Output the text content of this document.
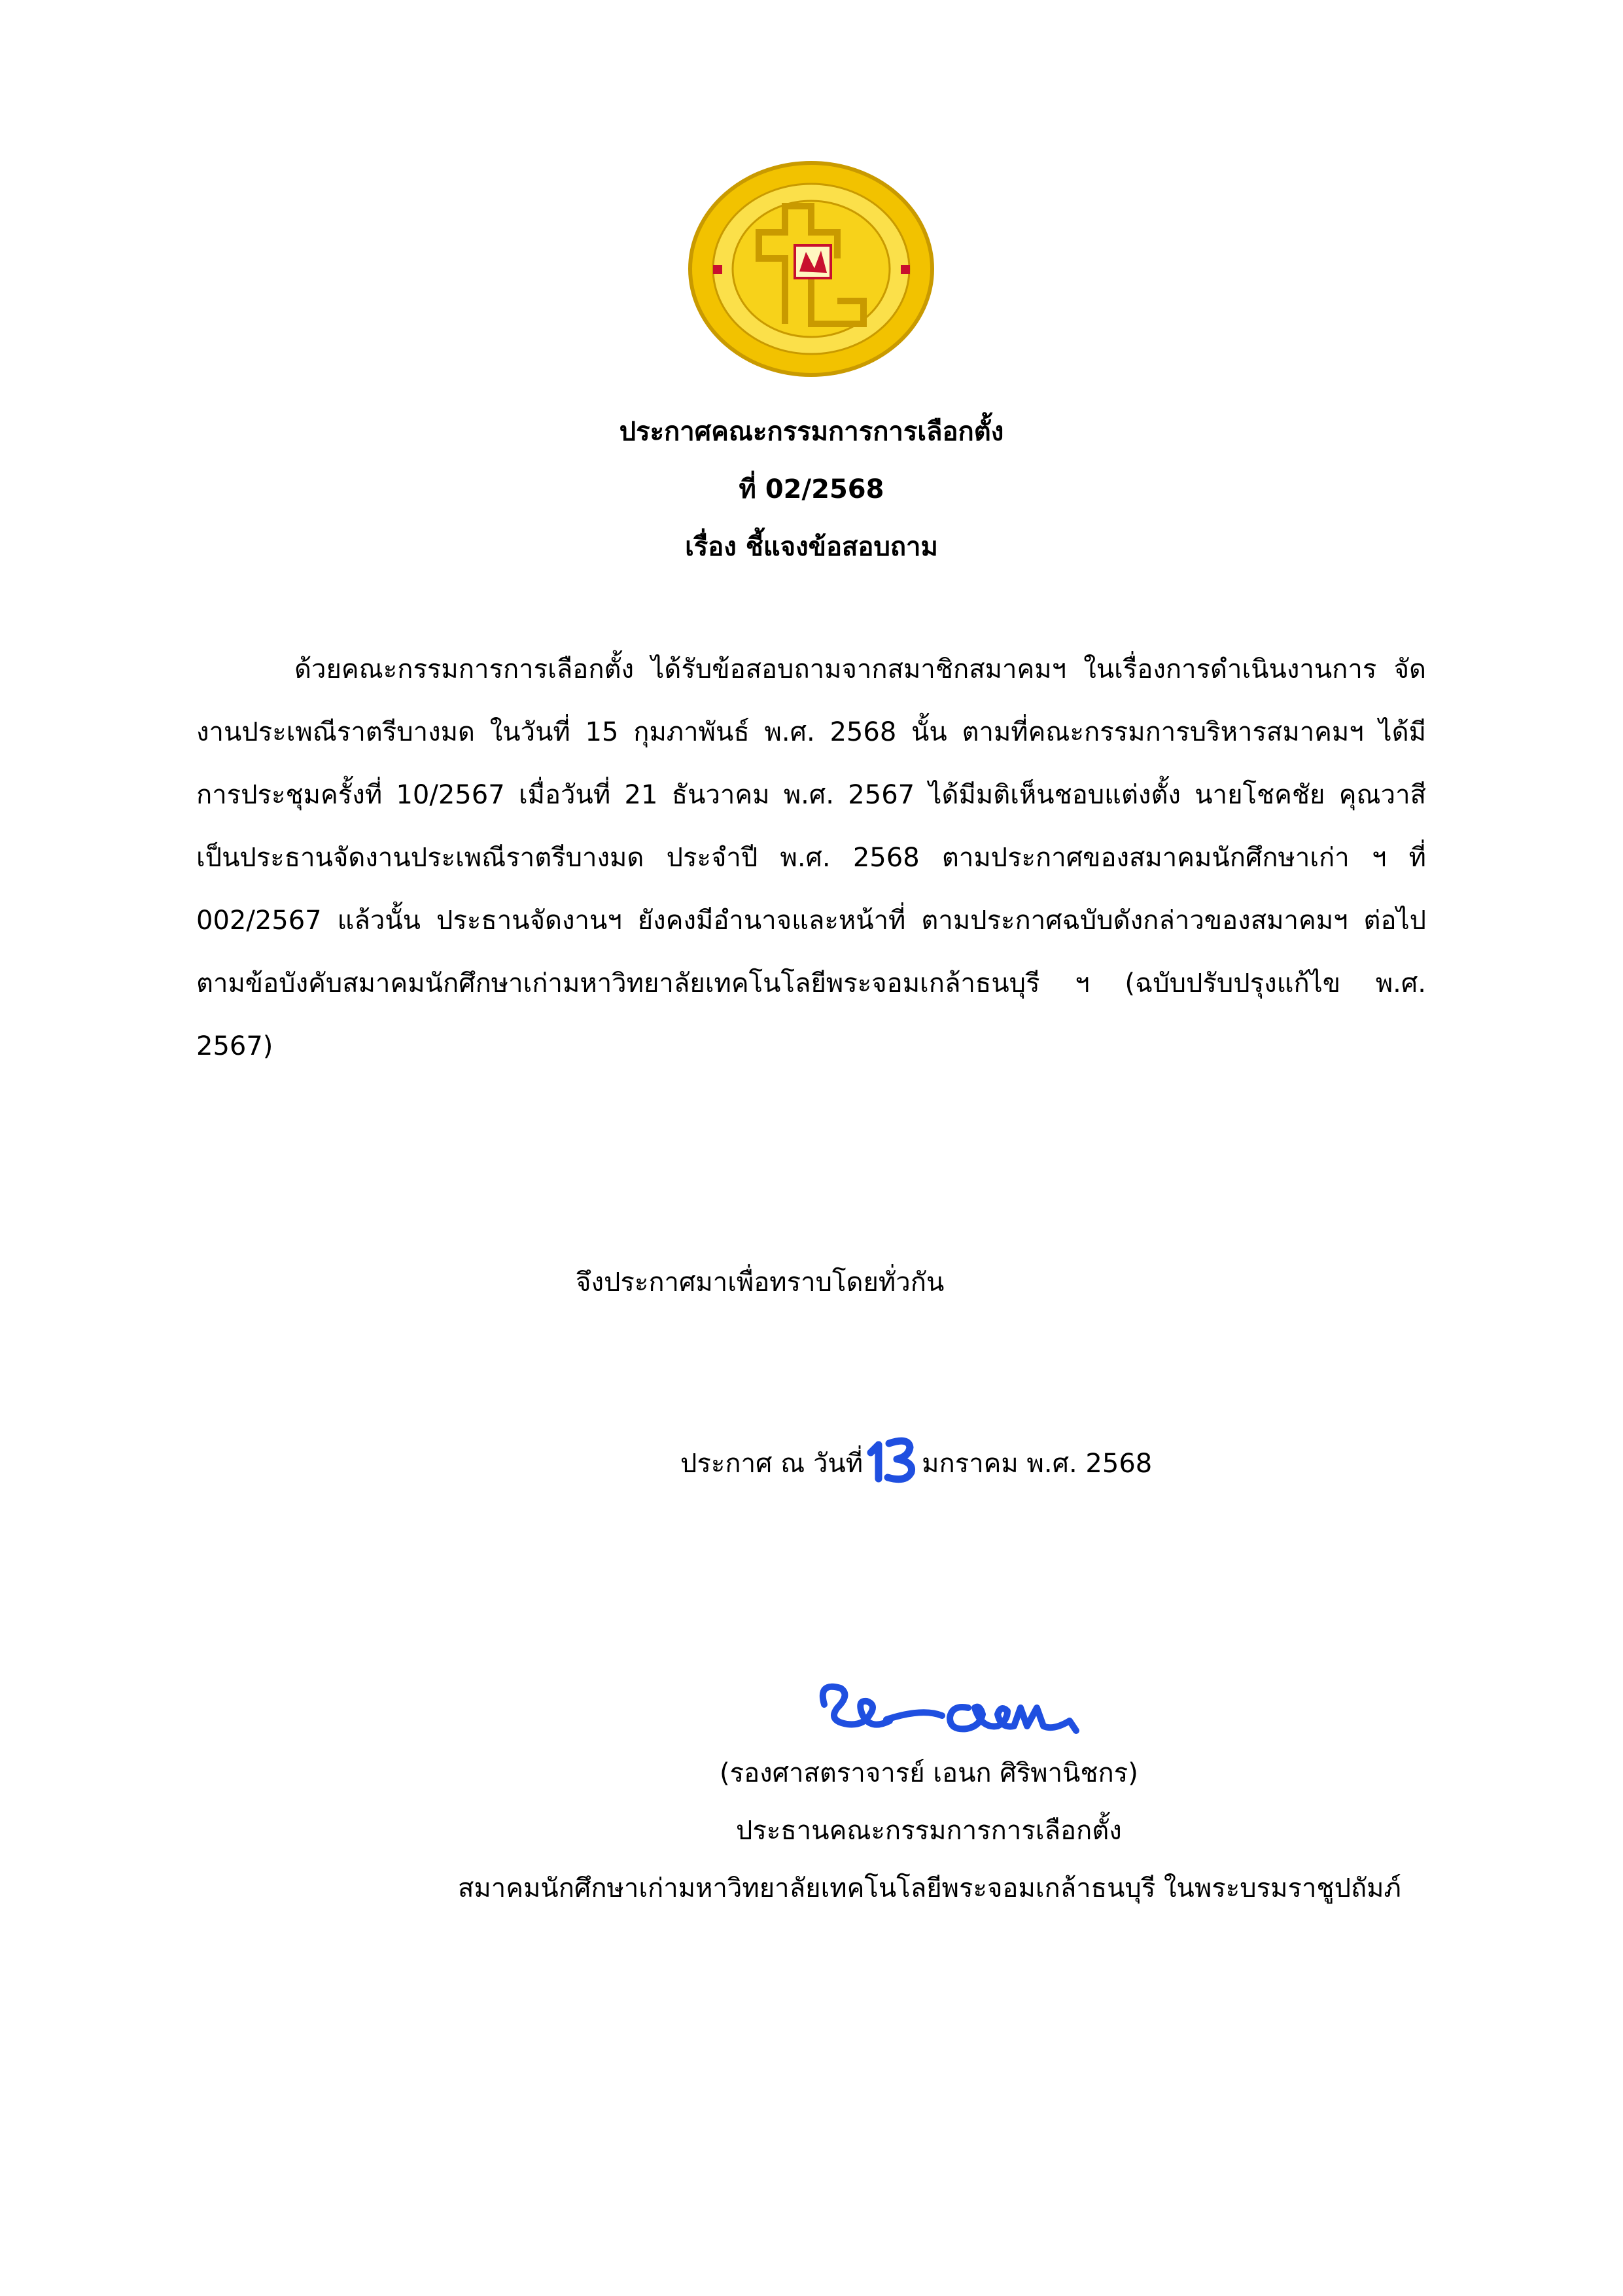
ประกาศคณะกรรมการการเลือกตั้ง
ที่ 02/2568
เรื่อง ชี้แจงข้อสอบถาม
ด้วยคณะกรรมการการเลือกตั้ง ได้รับข้อสอบถามจากสมาชิกสมาคมฯ ในเรื่องการดำเนินงานการ จัด
งานประเพณีราตรีบางมด ในวันที่ 15 กุมภาพันธ์ พ.ศ. 2568 นั้น ตามที่คณะกรรมการบริหารสมาคมฯ ได้มี
การประชุมครั้งที่ 10/2567 เมื่อวันที่ 21 ธันวาคม พ.ศ. 2567 ได้มีมติเห็นชอบแต่งตั้ง นายโชคชัย คุณวาสี
เป็นประธานจัดงานประเพณีราตรีบางมด ประจำปี พ.ศ. 2568 ตามประกาศของสมาคมนักศึกษาเก่า ฯ ที่
002/2567 แล้วนั้น ประธานจัดงานฯ ยังคงมีอำนาจและหน้าที่ ตามประกาศฉบับดังกล่าวของสมาคมฯ ต่อไป
ตามข้อบังคับสมาคมนักศึกษาเก่ามหาวิทยาลัยเทคโนโลยีพระจอมเกล้าธนบุรี ฯ (ฉบับปรับปรุงแก้ไข พ.ศ.
2567)
จึงประกาศมาเพื่อทราบโดยทั่วกัน
ประกาศ ณ วันที่ มกราคม พ.ศ. 2568
(รองศาสตราจารย์ เอนก ศิริพานิชกร)
ประธานคณะกรรมการการเลือกตั้ง
สมาคมนักศึกษาเก่ามหาวิทยาลัยเทคโนโลยีพระจอมเกล้าธนบุรี ในพระบรมราชูปถัมภ์
